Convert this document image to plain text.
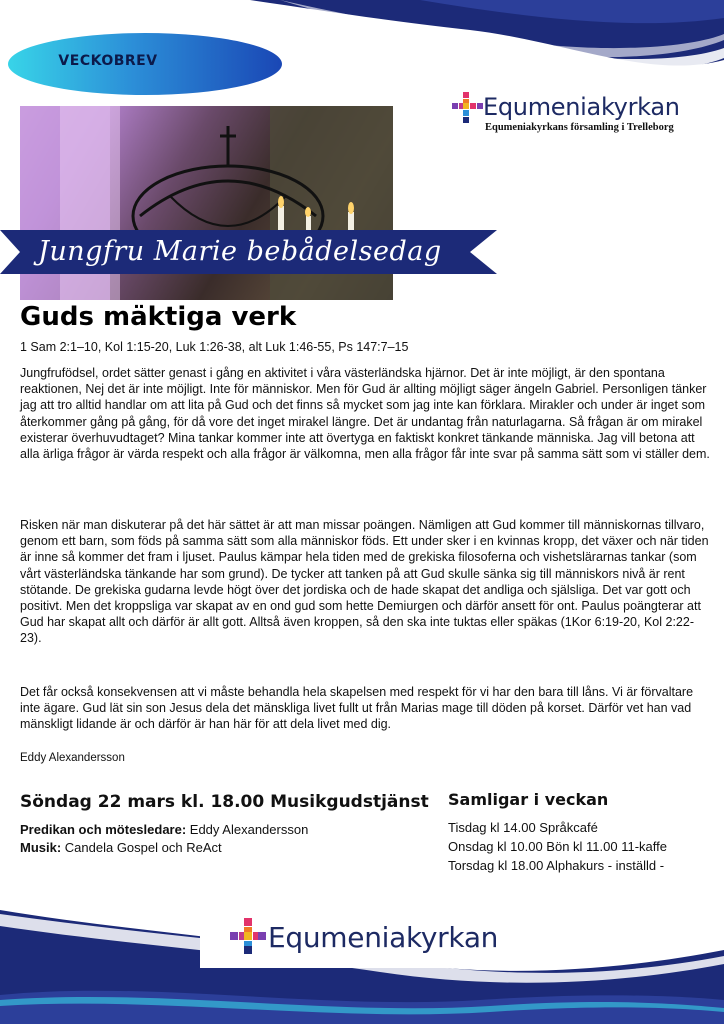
VECKOBREV
Equmeniakyrkan
Equmeniakyrkans församling i Trelleborg
Jungfru Marie bebådelsedag
Guds mäktiga verk
1 Sam 2:1–10, Kol 1:15-20, Luk 1:26-38, alt Luk 1:46-55, Ps 147:7–15

Jungfrufödsel, ordet sätter genast i gång en aktivitet i våra västerländska hjärnor. Det är inte möjligt, är den spontana reaktionen, Nej det är inte möjligt. Inte för människor. Men för Gud är allting möjligt säger ängeln Gabriel. Personligen tänker jag att tro alltid handlar om att lita på Gud och det finns så mycket som jag inte kan förklara. Mirakler och under är inget som återkommer gång på gång, för då vore det inget mirakel längre. Det är undantag från naturlagarna. Så frågan är om mirakel existerar överhuvudtaget? Mina tankar kommer inte att övertyga en faktiskt konkret tänkande människa. Jag vill betona att alla ärliga frågor är värda respekt och alla frågor är välkomna, men alla frågor får inte svar på samma sätt som vi ställer dem.

Risken när man diskuterar på det här sättet är att man missar poängen. Nämligen att Gud kommer till människornas tillvaro, genom ett barn, som föds på samma sätt som alla människor föds. Ett under sker i en kvinnas kropp, det växer och när tiden är inne så kommer det fram i ljuset. Paulus kämpar hela tiden med de grekiska filosoferna och vishetslärarnas tankar (som vårt västerländska tänkande har som grund). De tycker att tanken på att Gud skulle sänka sig till människors nivå är rent stötande. De grekiska gudarna levde högt över det jordiska och de hade skapat det andliga och själsliga. Det var gott och positivt. Men det kroppsliga var skapat av en ond gud som hette Demiurgen och därför ansett för ont. Paulus poängterar att Gud har skapat allt och därför är allt gott. Alltså även kroppen, så den ska inte tuktas eller späkas (1Kor 6:19-20, Kol 2:22-23).

Det får också konsekvensen att vi måste behandla hela skapelsen med respekt för vi har den bara till låns. Vi är förvaltare inte ägare. Gud lät sin son Jesus dela det mänskliga livet fullt ut från Marias mage till döden på korset. Därför vet han vad mänskligt lidande är och därför är han här för att dela livet med dig.

Eddy Alexandersson
Söndag 22 mars kl. 18.00 Musikgudstjänst
Predikan och mötesledare: Eddy Alexandersson
Musik: Candela Gospel och ReAct
Samligar i veckan
Tisdag kl 14.00 Språkcafé
Onsdag kl 10.00 Bön kl 11.00 11-kaffe
Torsdag kl 18.00 Alphakurs - inställd -
Equmeniakyrkan
